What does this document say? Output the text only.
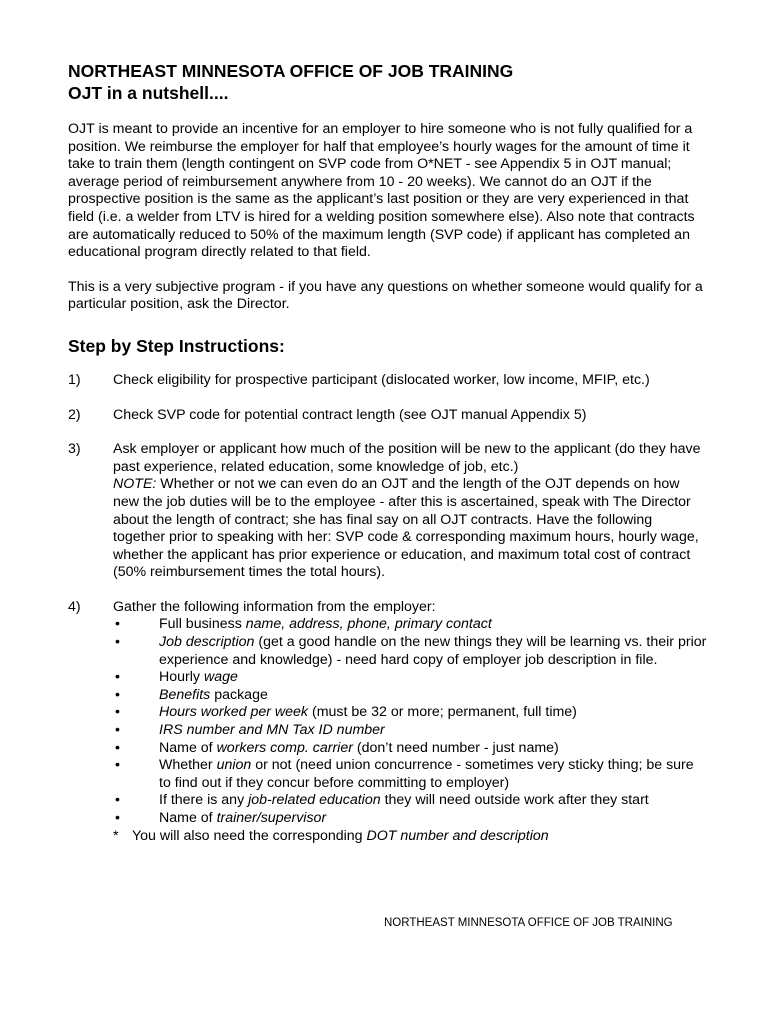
NORTHEAST MINNESOTA OFFICE OF JOB TRAINING
OJT in a nutshell....

OJT is meant to provide an incentive for an employer to hire someone who is not fully qualified for a position. We reimburse the employer for half that employee’s hourly wages for the amount of time it take to train them (length contingent on SVP code from O*NET - see Appendix 5 in OJT manual; average period of reimbursement anywhere from 10 - 20 weeks). We cannot do an OJT if the prospective position is the same as the applicant’s last position or they are very experienced in that field (i.e. a welder from LTV is hired for a welding position somewhere else). Also note that contracts are automatically reduced to 50% of the maximum length (SVP code) if applicant has completed an educational program directly related to that field.

This is a very subjective program - if you have any questions on whether someone would qualify for a particular position, ask the Director.

Step by Step Instructions:
1)	Check eligibility for prospective participant (dislocated worker, low income, MFIP, etc.)
2)	Check SVP code for potential contract length (see OJT manual Appendix 5)
3)	Ask employer or applicant how much of the position will be new to the applicant (do they have past experience, related education, some knowledge of job, etc.)
NOTE: Whether or not we can even do an OJT and the length of the OJT depends on how new the job duties will be to the employee - after this is ascertained, speak with The Director about the length of contract; she has final say on all OJT contracts. Have the following together prior to speaking with her: SVP code & corresponding maximum hours, hourly wage, whether the applicant has prior experience or education, and maximum total cost of contract (50% reimbursement times the total hours).
4)	Gather the following information from the employer:
•	Full business name, address, phone, primary contact
•	Job description (get a good handle on the new things they will be learning vs. their prior experience and knowledge) - need hard copy of employer job description in file.
•	Hourly wage
•	Benefits package
•	Hours worked per week (must be 32 or more; permanent, full time)
•	IRS number and MN Tax ID number
•	Name of workers comp. carrier (don’t need number - just name)
•	Whether union or not (need union concurrence - sometimes very sticky thing; be sure to find out if they concur before committing to employer)
•	If there is any job-related education they will need outside work after they start
•	Name of trainer/supervisor
* You will also need the corresponding DOT number and description
NORTHEAST MINNESOTA OFFICE OF JOB TRAINING
